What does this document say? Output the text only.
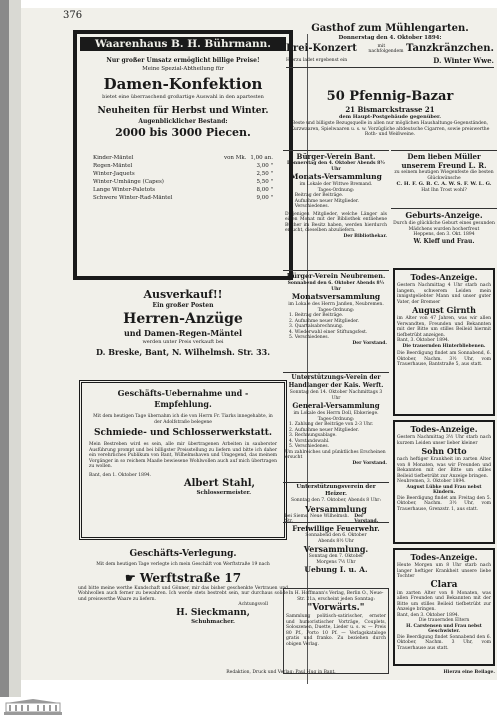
376
Waarenhaus B. H. Bührmann.
Nur großer Umsatz ermöglicht billige Preise!
Meine Spezial-Abtheilung für
Damen-Konfektion
bietet eine überraschend großartige Auswahl in den apartesten
Neuheiten für Herbst und Winter.
Augenblicklicher Bestand:
2000 bis 3000 Piecen.
Kinder-Mäntel	von Mk. 1,00 an.
Regen-Mäntel	3,00 "
Winter-Jaquets	2,50 "
Winter-Umhänge (Capes)	5,50 "
Lange Winter-Paletots	8,00 "
Schwere Winter-Rad-Mäntel	9,00 "
Ausverkauf!!
Ein großer Posten
Herren-Anzüge
und Damen-Regen-Mäntel
werden unter Preis verkauft bei
D. Breske, Bant, N. Wilhelmsh. Str. 33.
Geschäfts-Uebernahme und -Empfehlung.
Mit dem heutigen Tage übernahm ich die von Herrn Fr. Tiarks innegehabte, in der Adolfstraße belegene
Schmiede- und Schlosserwerkstatt.
Mein Bestreben wird es sein, alle mir übertragenen Arbeiten in sauberster Ausführung prompt und bei billigster Preisstellung zu liefern und bitte ich daher ein verehrliches Publikum von Bant, Wilhelmshaven und Umgegend, das meinem Vorgänger in so reichem Maaße bewiesene Wohlwollen auch auf mich übertragen zu wollen.
Bant, den 1. Oktober 1894.
Albert Stahl,
Schlossermeister.
Geschäfts-Verlegung.
Mit dem heutigen Tage verlegte ich mein Geschäft von Werftstraße 19 nach
☛ Werftstraße 17
und bitte meine werthe Kundschaft und Gönner, mir das bisher geschenkte Vertrauen und Wohlwollen auch ferner zu bewahren. Ich werde stets bestrebt sein, nur durchaus solide und preiswerthe Waare zu liefern.
Achtungsvoll
H. Sieckmann,
Schuhmacher.
Gasthof zum Mühlengarten.
Donnerstag den 4. Oktober 1894:
Frei-Konzert	mit nachfolgendem Tanzkränzchen.
Hierzu ladet ergebenst ein	D. Winter Wwe.
50 Pfennig-Bazar
21 Bismarckstrasse 21
dem Haupt-Postgebäude gegenüber.
Beste und billigste Bezugsquelle in allen nur möglichen Haushaltungs-Gegenständen, Kurzwaaren, Spielwaaren u. s. w. Vorzügliche altdeutsche Cigarren, sowie preiswerthe Roth- und Weißweine.
Bürger-Verein Bant.
Donnerstag den 4. Oktober Abends 8½ Uhr
Monats-Versammlung
im Lokale der Wittwe Bremand.
Tages-Ordnung:
1. Beitrag der Beiträge.
2. Aufnahme neuer Mitglieder.
3. Verschiedenes.
Diejenigen Mitglieder, welche Länger als einen Monat mit der Bibliothek entliehene Bücher im Besitz haben, werden hierdurch ersucht, dieselben abzuliefern.
Der Bibliothekar.
Dem lieben Müller
unserem Freund L. R.
zu seinem heutigen Wiegenfeste die besten Glückwünsche
C. H. F. G. B. C. A. W. S. F. W. L. G.
Hat Ihn Trost wohl?
Geburts-Anzeige.
Durch die glückliche Geburt eines gesunden Mädchens wurden hocherfreut
Heppens, den 3. Okt. 1894
W. Kleff und Frau.
Bürger-Verein Neubremen.
Sonnabend den 6. Oktober Abends 8½ Uhr
Monatsversammlung
im Lokale des Herrn Janßen, Neubremen.
Tages-Ordnung:
1. Beitrag der Beiträge.
2. Aufnahme neuer Mitglieder.
3. Quartalsabrechnung.
4. Wiederwahl einer Stiftungsfest.
5. Verschiedenes.
Der Vorstand.
Unterstützungs-Verein der Handlanger der Kais. Werft.
Sonntag den 14. Oktober Nachmittags 3 Uhr
General-Versammlung
im Lokale des Herrn Doll, Ebkeriege.
Tages-Ordnung:
1. Zahlung der Beiträge von 2-3 Uhr.
2. Aufnahme neuer Mitglieder.
3. Rechnungsablage.
4. Vorstandswahl.
5. Verschiedenes.
Um zahlreiches und pünktliches Erscheinen ersucht
Der Vorstand.
Unterstützungsverein der Heizer.
Sonntag den 7. Oktober, Abends 8 Uhr:
Versammlung
bei Siems, Neue Wilhelmsh. Str.
Der Vorstand.
Freiwillige Feuerwehr.
Sonnabend den 6. Oktober
Abends 8½ Uhr
Versammlung.
Sonntag den 7. Oktober
Morgens 7½ Uhr
Uebung I. u. A.
In H. Hoffmann's Verlag, Berlin O., Neue-Str. 21a, erscheint jeden Sonntag:
"Vorwärts."
Sammlung politisch-satirischer, ernster und humoristischer Vorträge, Couplets, Soloszenen, Duette, Lieder u. s. w. — Preis 80 Pf., Porto 10 Pf. — Verlagskataloge gratis und franko. Zu beziehen durch obigen Verlag.
Todes-Anzeige.
Gestern Nachmittag 4 Uhr starb nach langem, schwerem Leiden mein innigstgeliebter Mann und unser guter Vater, der Bremser
August Girnth
im Alter von 47 Jahren, was wir allen Verwandten, Freunden und Bekannten mit der Bitte um stilles Beileid hiermit tiefbetrübt anzeigen.
Bant, 3. Oktober 1894.
Die trauernden Hinterbliebenen.
Die Beerdigung findet am Sonnabend, 6. Oktober, Nachm. 3½ Uhr, vom Trauerhause, Bantstraße 5, aus statt.
Todes-Anzeige.
Gestern Nachmittag 3½ Uhr starb nach kurzem Leiden unser lieber kleiner
Sohn Otto
nach heftiger Krankheit im zarten Alter von 8 Monaten, was wir Freunden und Bekannten mit der Bitte um stilles Beileid tiefbetrübt zur Anzeige bringen.
Neubremen, 3. Oktober 1894.
August Lübke und Frau nebst Kindern.
Die Beerdigung findet am Freitag den 5. Oktober, Nachm. 3½ Uhr, vom Trauerhause, Grenzstr. 1, aus statt.
Todes-Anzeige.
Heute Morgen um 8 Uhr starb nach langer heftiger Krankheit unsere liebe Tochter
Clara
im zarten Alter von 8 Monaten, was allen Freunden und Bekannten mit der Bitte um stilles Beileid tiefbetrübt zur Anzeige bringen.
Bant, den 3. Oktober 1894.
Die trauernden Eltern
H. Carstensen und Frau nebst Geschwister.
Die Beerdigung findet Sonnabend den 6. Oktober, Nachm. 3 Uhr, vom Trauerhause aus statt.
Redaktion, Druck und Verlag: Paul Hug in Bant.	Hierzu eine Beilage.
